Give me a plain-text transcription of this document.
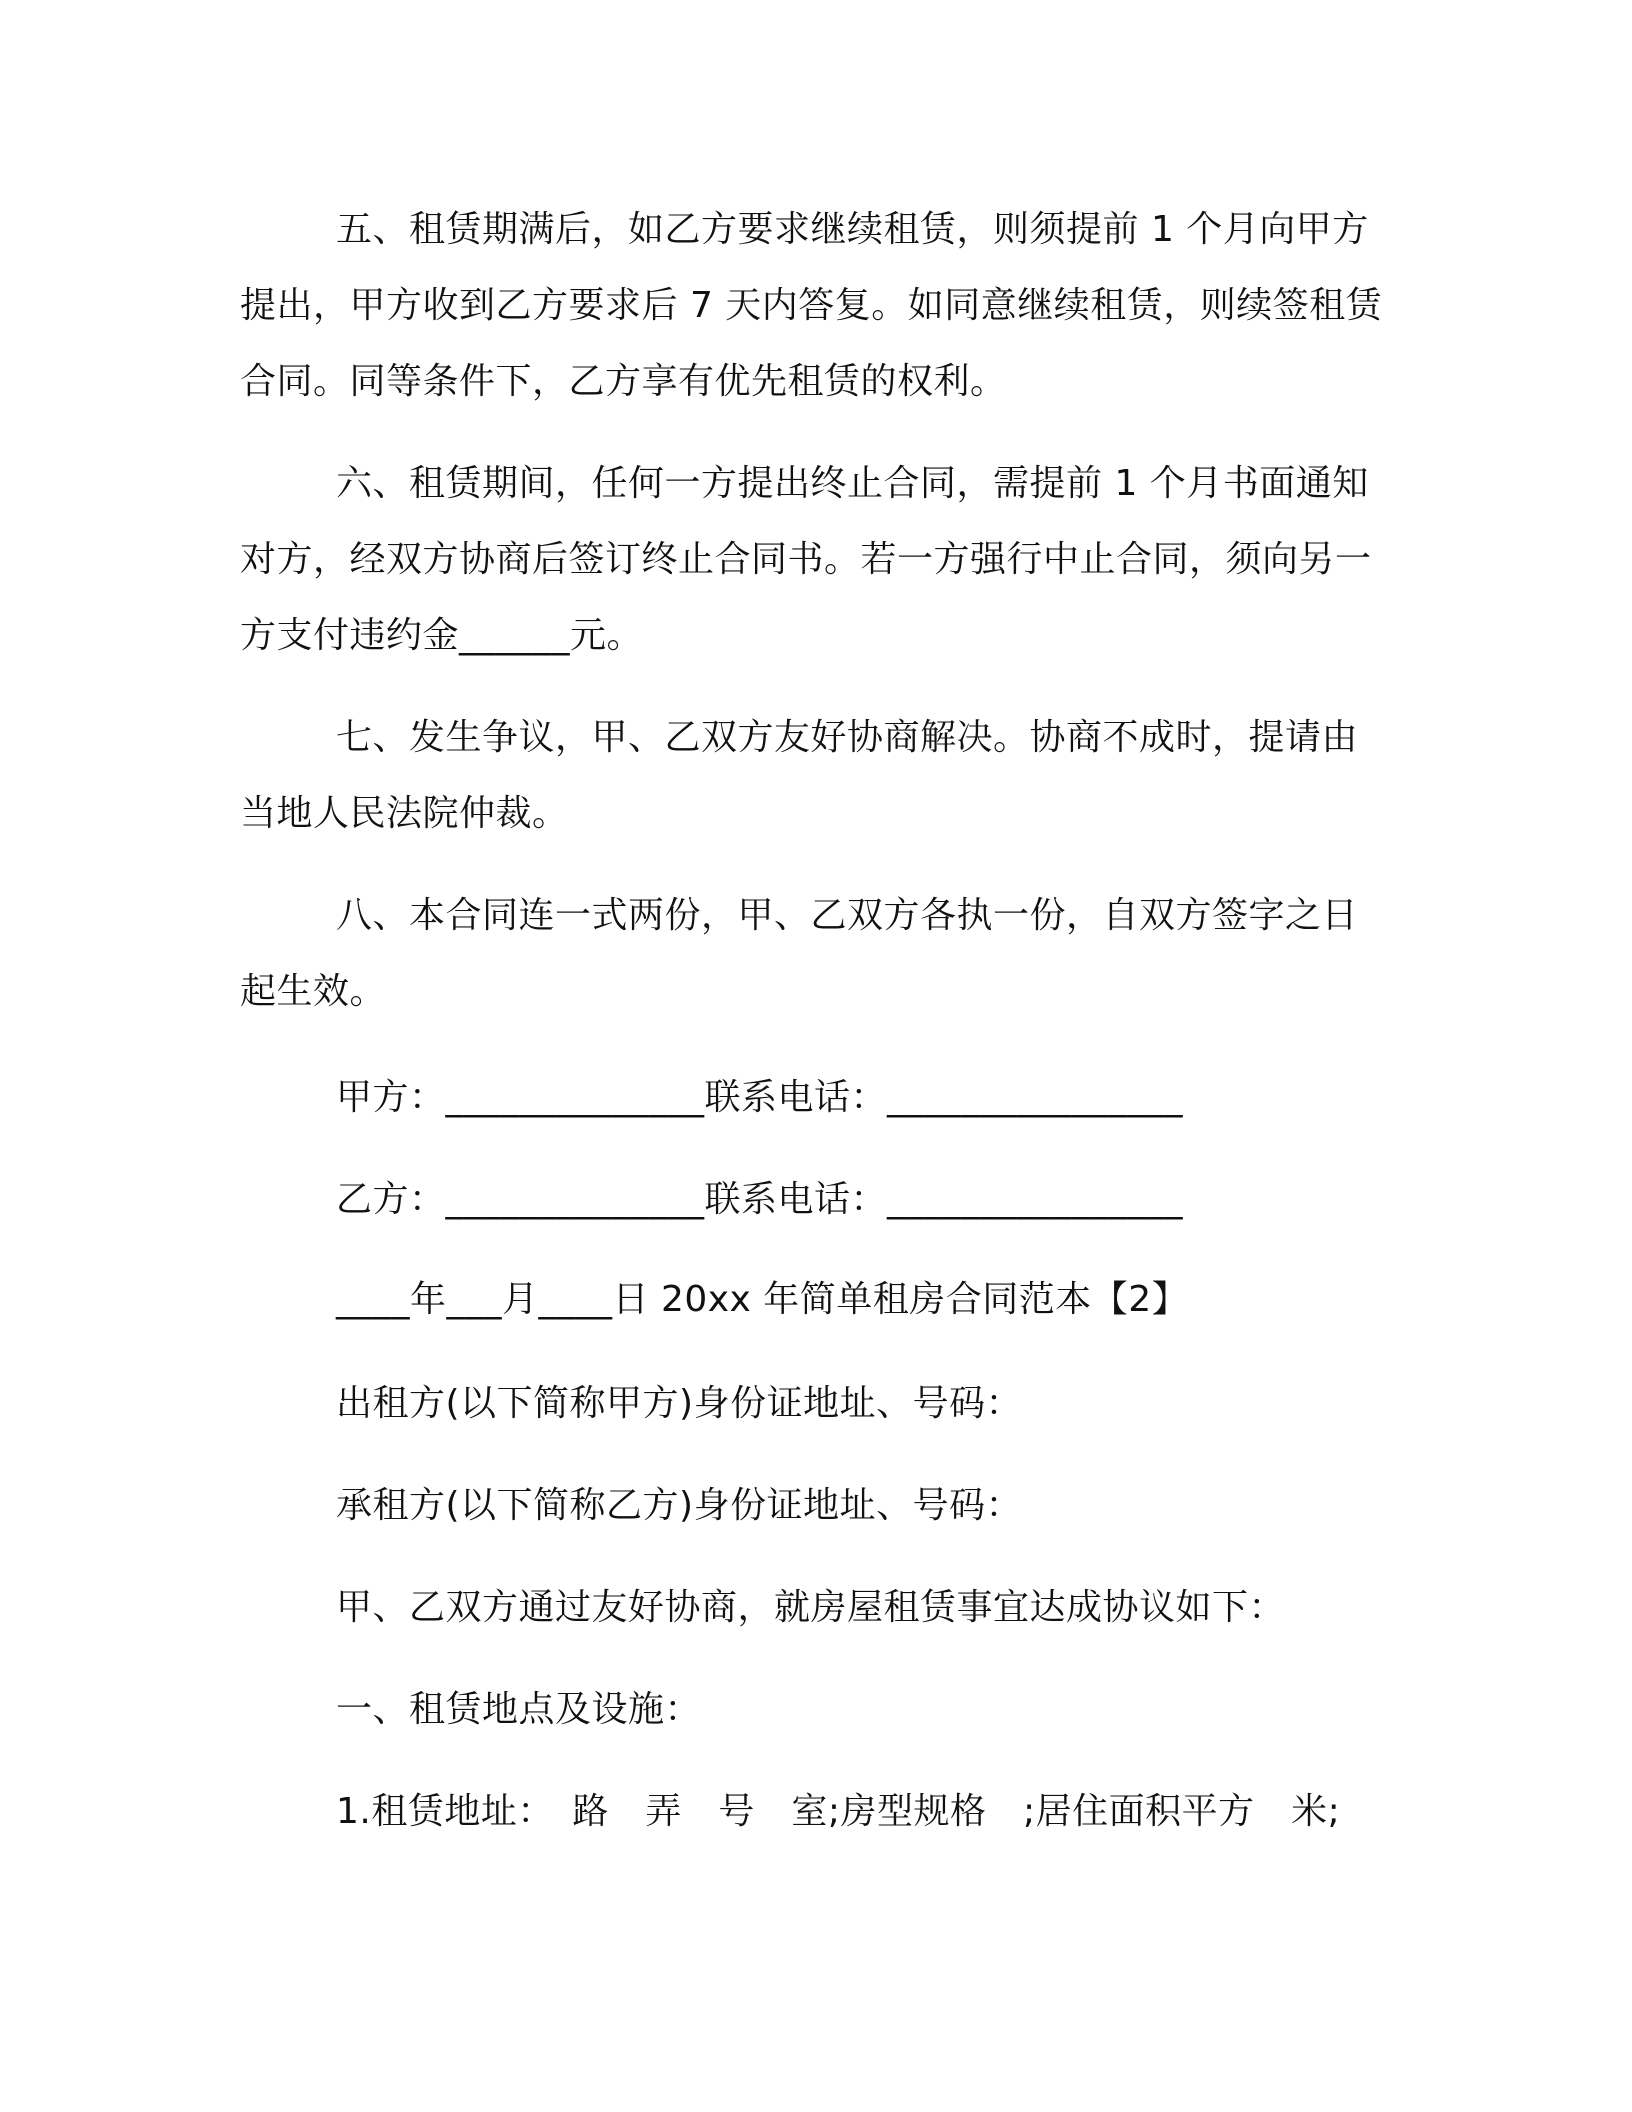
五、租赁期满后，如乙方要求继续租赁，则须提前 1 个月向甲方提出，甲方收到乙方要求后 7 天内答复。如同意继续租赁，则续签租赁合同。同等条件下，乙方享有优先租赁的权利。

六、租赁期间，任何一方提出终止合同，需提前 1 个月书面通知对方，经双方协商后签订终止合同书。若一方强行中止合同，须向另一方支付违约金______元。

七、发生争议，甲、乙双方友好协商解决。协商不成时，提请由当地人民法院仲裁。

八、本合同连一式两份，甲、乙双方各执一份，自双方签字之日起生效。

甲方：______________联系电话：________________

乙方：______________联系电话：________________

____年___月____日 20xx 年简单租房合同范本【2】

出租方(以下简称甲方)身份证地址、号码：

承租方(以下简称乙方)身份证地址、号码：

甲、乙双方通过友好协商，就房屋租赁事宜达成协议如下：

一、租赁地点及设施：

1.租赁地址：　路　弄　号　室;房型规格　;居住面积平方　米;
